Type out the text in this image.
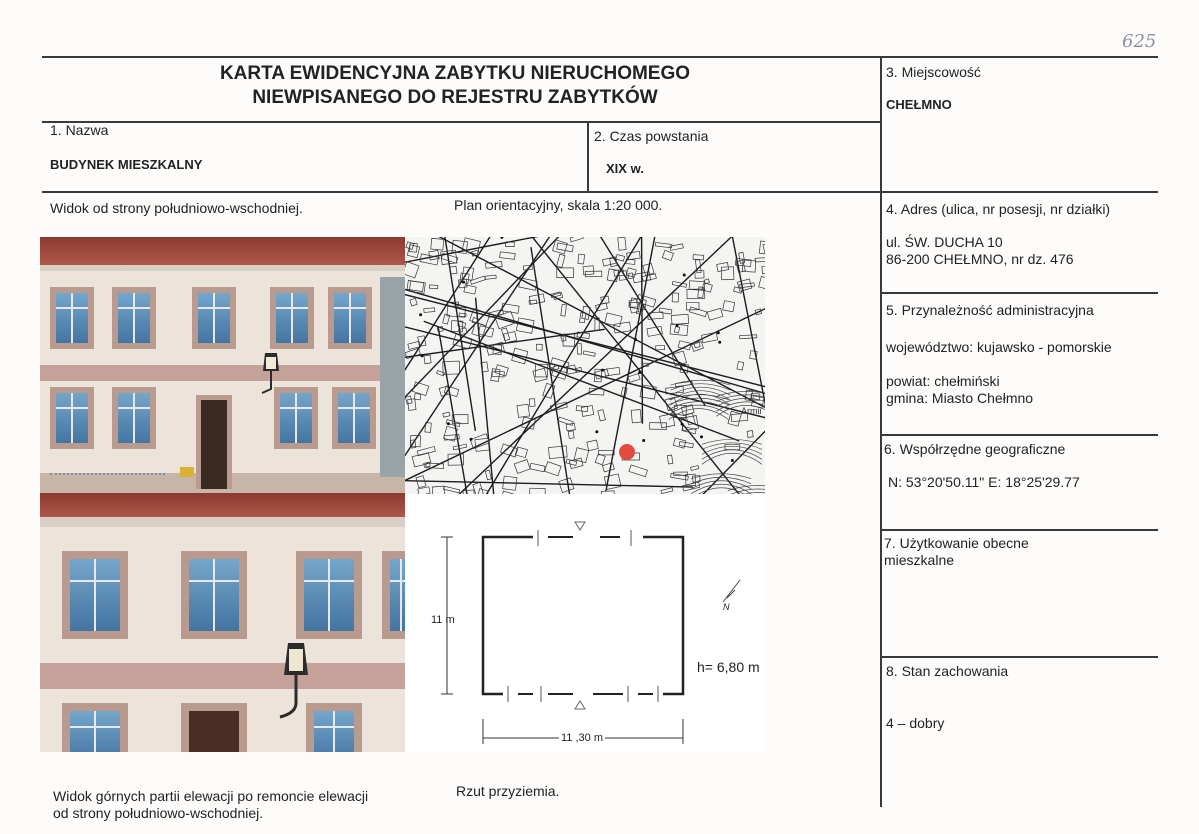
625
KARTA EWIDENCYJNA ZABYTKU NIERUCHOMEGO
NIEWPISANEGO DO REJESTRU ZABYTKÓW
1. Nazwa
BUDYNEK MIESZKALNY
2. Czas powstania
XIX w.
3. Miejscowość
CHEŁMNO
4. Adres (ulica, nr posesji, nr działki)
ul. ŚW. DUCHA 10
86-200 CHEŁMNO, nr dz. 476
5. Przynależność administracyjna
województwo: kujawsko - pomorskie
powiat: chełmiński
gmina: Miasto Chełmno
6. Współrzędne geograficzne
N: 53°20'50.11" E: 18°25'29.77
7. Użytkowanie obecne
mieszkalne
8. Stan zachowania
4 – dobry
Widok od strony południowo-wschodniej.	Plan orientacyjny, skala 1:20 000.
Widok górnych partii elewacji po remoncie elewacji
od strony południowo-wschodniej.
Rzut przyziemia.
Armii
11 m
11 ,30 m
h= 6,80 m
N
